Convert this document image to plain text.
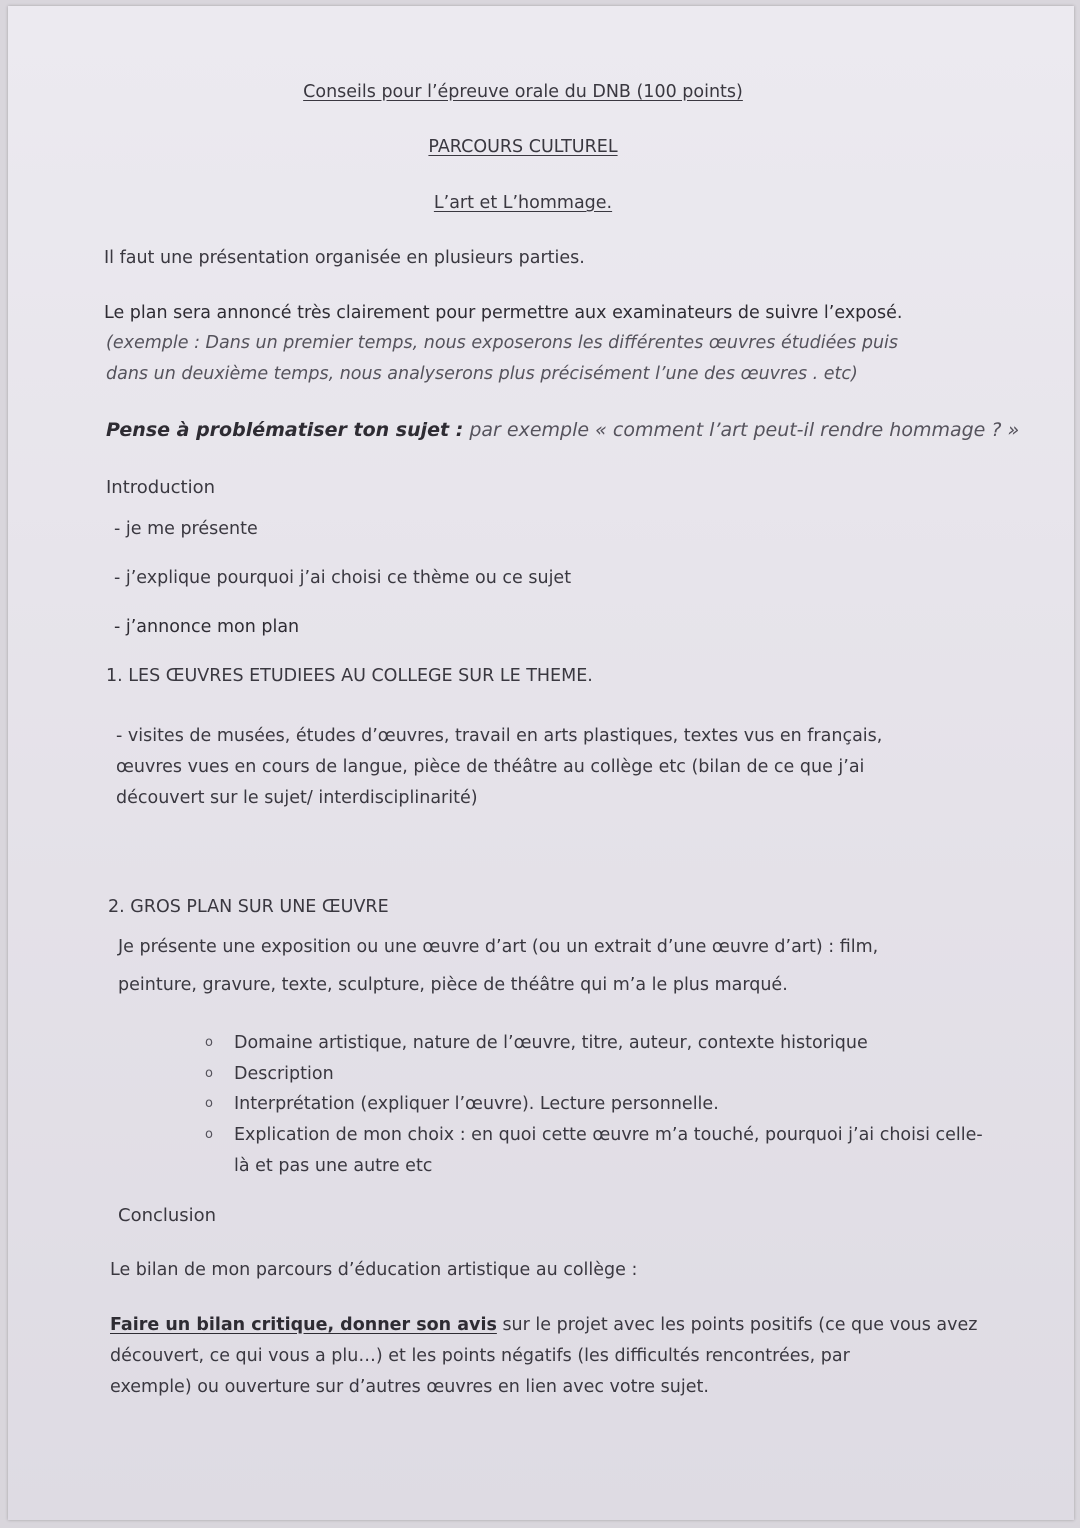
Conseils pour l’épreuve orale du DNB (100 points)
PARCOURS CULTUREL
L’art et L’hommage.
Il faut une présentation organisée en plusieurs parties.
Le plan sera annoncé très clairement pour permettre aux examinateurs de suivre l’exposé.
(exemple : Dans un premier temps, nous exposerons les différentes œuvres étudiées puis
dans un deuxième temps, nous analyserons plus précisément l’une des œuvres . etc)
Pense à problématiser ton sujet : par exemple « comment l’art peut-il rendre hommage ? »
Introduction
- je me présente
- j’explique pourquoi j’ai choisi ce thème ou ce sujet
- j’annonce mon plan
1. LES ŒUVRES ETUDIEES AU COLLEGE SUR LE THEME.
- visites de musées, études d’œuvres, travail en arts plastiques, textes vus en français,
œuvres vues en cours de langue, pièce de théâtre au collège etc (bilan de ce que j’ai
découvert sur le sujet/ interdisciplinarité)
2. GROS PLAN SUR UNE ŒUVRE
Je présente une exposition ou une œuvre d’art (ou un extrait d’une œuvre d’art) : film,
peinture, gravure, texte, sculpture, pièce de théâtre qui m’a le plus marqué.
o Domaine artistique, nature de l’œuvre, titre, auteur, contexte historique
o Description
o Interprétation (expliquer l’œuvre). Lecture personnelle.
o Explication de mon choix : en quoi cette œuvre m’a touché, pourquoi j’ai choisi celle-
là et pas une autre etc
Conclusion
Le bilan de mon parcours d’éducation artistique au collège :
Faire un bilan critique, donner son avis sur le projet avec les points positifs (ce que vous avez
découvert, ce qui vous a plu…) et les points négatifs (les difficultés rencontrées, par
exemple) ou ouverture sur d’autres œuvres en lien avec votre sujet.
